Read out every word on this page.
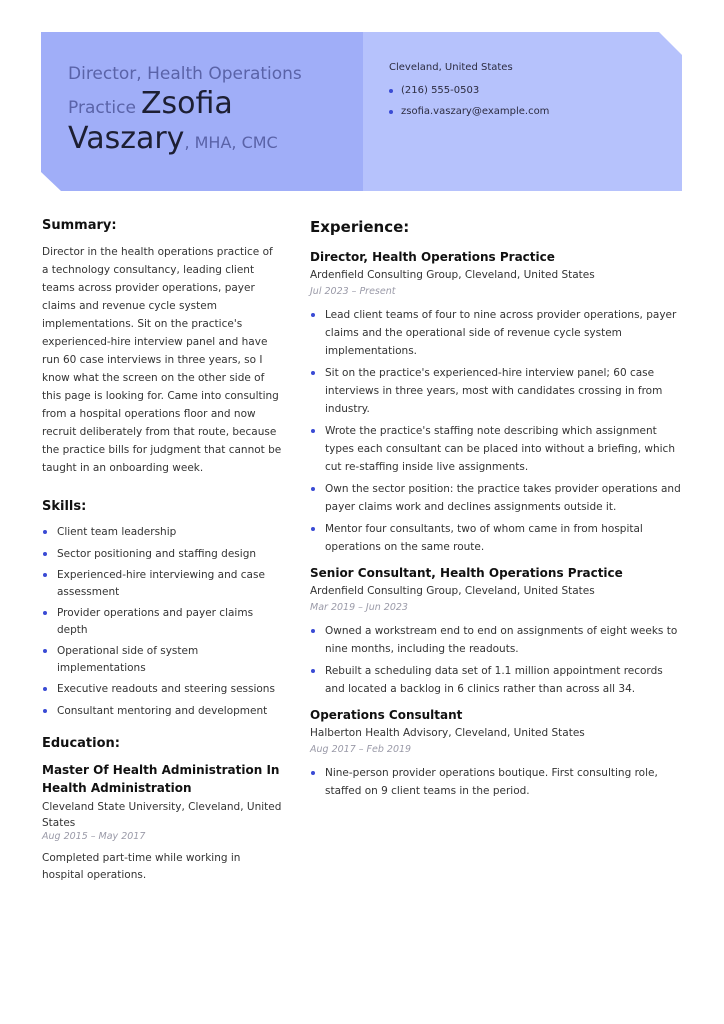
Director, Health Operations
Practice Zsofia
Vaszary, MHA, CMC
Cleveland, United States
(216) 555-0503
zsofia.vaszary@example.com
Summary:

Director in the health operations practice of a technology consultancy, leading client teams across provider operations, payer claims and revenue cycle system implementations. Sit on the practice's experienced-hire interview panel and have run 60 case interviews in three years, so I know what the screen on the other side of this page is looking for. Came into consulting from a hospital operations floor and now recruit deliberately from that route, because the practice bills for judgment that cannot be taught in an onboarding week.

Skills:
Client team leadership
Sector positioning and staffing design
Experienced-hire interviewing and case assessment
Provider operations and payer claims depth
Operational side of system implementations
Executive readouts and steering sessions
Consultant mentoring and development
Education:
Master Of Health Administration In Health Administration
Cleveland State University, Cleveland, United States
Aug 2015 – May 2017

Completed part-time while working in hospital operations.

Experience:
Director, Health Operations Practice
Ardenfield Consulting Group, Cleveland, United States
Jul 2023 – Present
Lead client teams of four to nine across provider operations, payer claims and the operational side of revenue cycle system implementations.
Sit on the practice's experienced-hire interview panel; 60 case interviews in three years, most with candidates crossing in from industry.
Wrote the practice's staffing note describing which assignment types each consultant can be placed into without a briefing, which cut re-staffing inside live assignments.
Own the sector position: the practice takes provider operations and payer claims work and declines assignments outside it.
Mentor four consultants, two of whom came in from hospital operations on the same route.
Senior Consultant, Health Operations Practice
Ardenfield Consulting Group, Cleveland, United States
Mar 2019 – Jun 2023
Owned a workstream end to end on assignments of eight weeks to nine months, including the readouts.
Rebuilt a scheduling data set of 1.1 million appointment records and located a backlog in 6 clinics rather than across all 34.
Operations Consultant
Halberton Health Advisory, Cleveland, United States
Aug 2017 – Feb 2019
Nine-person provider operations boutique. First consulting role, staffed on 9 client teams in the period.
